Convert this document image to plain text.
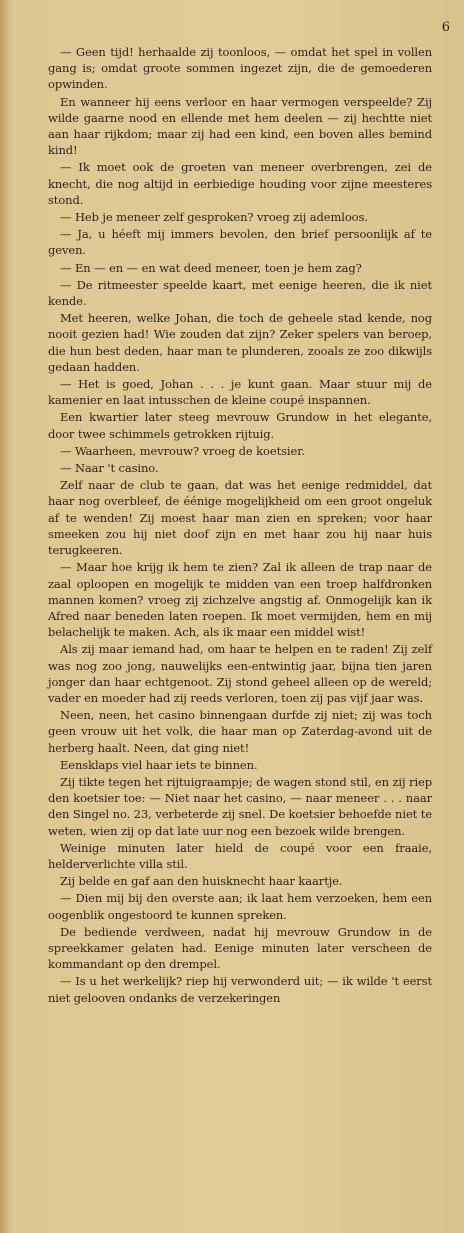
6

— Geen tijd! herhaalde zij toonloos, — omdat het spel in vollen gang is; omdat groote sommen ingezet zijn, die de gemoederen opwinden.

En wanneer hij eens verloor en haar vermogen verspeelde? Zij wilde gaarne nood en ellende met hem deelen — zij hechtte niet aan haar rijkdom; maar zij had een kind, een boven alles bemind kind!

— Ik moet ook de groeten van meneer overbrengen, zei de knecht, die nog altijd in eerbiedige houding voor zijne meesteres stond.

— Heb je meneer zelf gesproken? vroeg zij ademloos.

— Ja, u héeft mij immers bevolen, den brief persoonlijk af te geven.

— En — en — en wat deed meneer, toen je hem zag?

— De ritmeester speelde kaart, met eenige heeren, die ik niet kende.

Met heeren, welke Johan, die toch de geheele stad kende, nog nooit gezien had! Wie zouden dat zijn? Zeker spelers van beroep, die hun best deden, haar man te plunderen, zooals ze zoo dikwijls gedaan hadden.

— Het is goed, Johan . . . je kunt gaan. Maar stuur mij de kamenier en laat intusschen de kleine coupé inspannen.

Een kwartier later steeg mevrouw Grundow in het elegante, door twee schimmels getrokken rijtuig.

— Waarheen, mevrouw? vroeg de koetsier.

— Naar 't casino.

Zelf naar de club te gaan, dat was het eenige redmiddel, dat haar nog overbleef, de éénige mogelijkheid om een groot ongeluk af te wenden! Zij moest haar man zien en spreken; voor haar smeeken zou hij niet doof zijn en met haar zou hij naar huis terugkeeren.

— Maar hoe krijg ik hem te zien? Zal ik alleen de trap naar de zaal oploopen en mogelijk te midden van een troep halfdronken mannen komen? vroeg zij zichzelve angstig af. Onmogelijk kan ik Afred naar beneden laten roepen. Ik moet vermijden, hem en mij belachelijk te maken. Ach, als ik maar een middel wist!

Als zij maar iemand had, om haar te helpen en te raden! Zij zelf was nog zoo jong, nauwelijks een-entwintig jaar, bijna tien jaren jonger dan haar echtgenoot. Zij stond geheel alleen op de wereld; vader en moeder had zij reeds verloren, toen zij pas vijf jaar was.

Neen, neen, het casino binnengaan durfde zij niet; zij was toch geen vrouw uit het volk, die haar man op Zaterdag-avond uit de herberg haalt. Neen, dat ging niet!

Eensklaps viel haar iets te binnen.

Zij tikte tegen het rijtuigraampje; de wagen stond stil, en zij riep den koetsier toe: — Niet naar het casino, — naar meneer . . . naar den Singel no. 23, verbeterde zij snel. De koetsier behoefde niet te weten, wien zij op dat late uur nog een bezoek wilde brengen.

Weinige minuten later hield de coupé voor een fraaie, helderverlichte villa stil.

Zij belde en gaf aan den huisknecht haar kaartje.

— Dien mij bij den overste aan; ik laat hem verzoeken, hem een oogenblik ongestoord te kunnen spreken.

De bediende verdween, nadat hij mevrouw Grundow in de spreekkamer gelaten had. Eenige minuten later verscheen de kommandant op den drempel.

— Is u het werkelijk? riep hij verwonderd uit; — ik wilde 't eerst niet gelooven ondanks de verzekeringen
